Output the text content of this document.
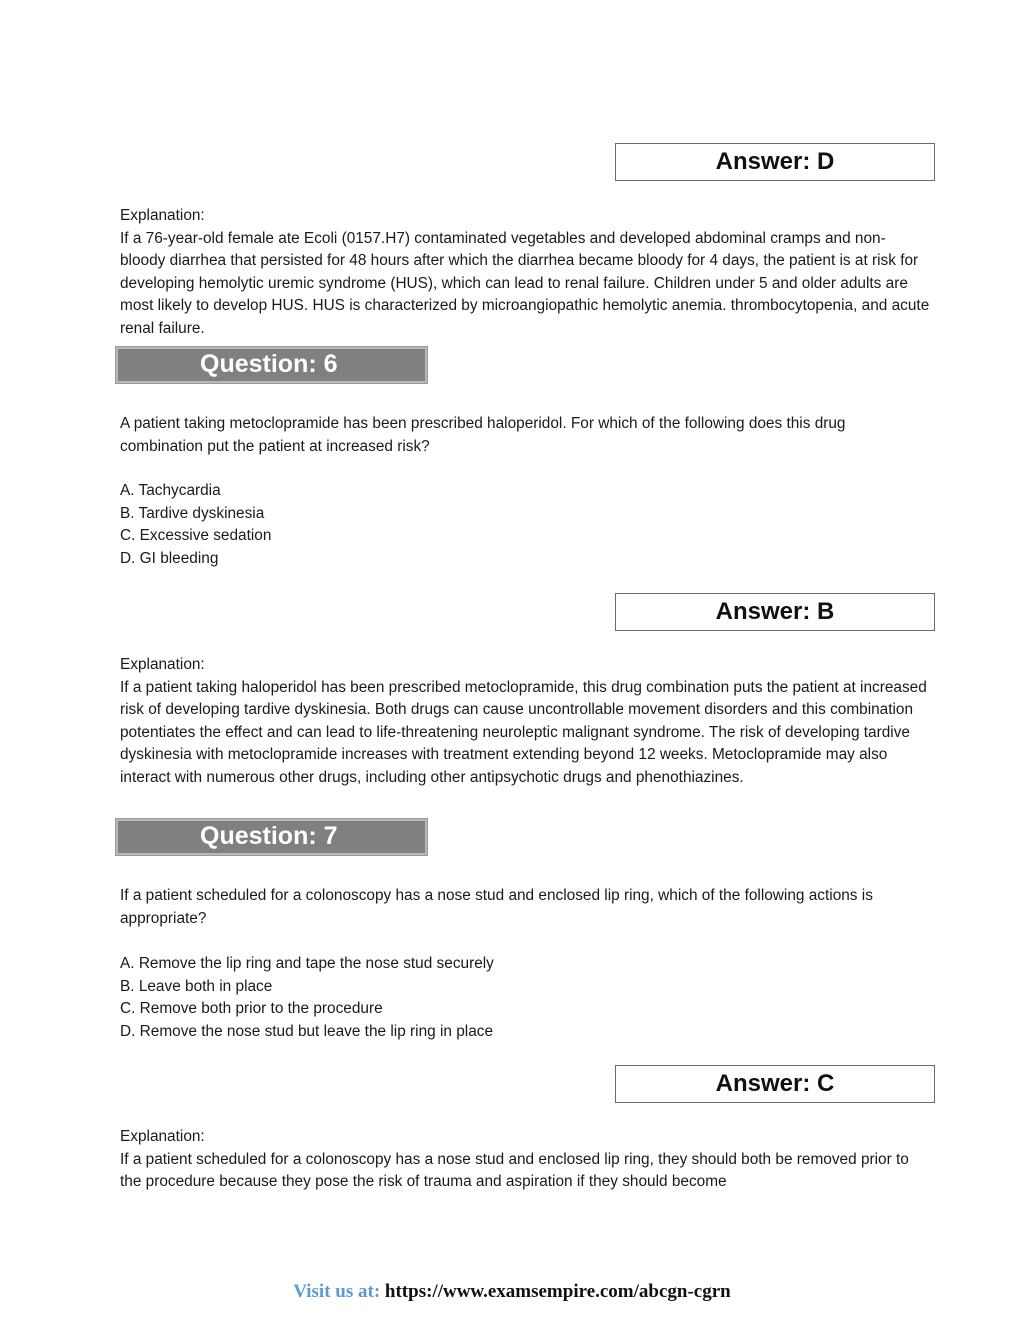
Answer: D
Explanation:
If a 76-year-old female ate Ecoli (0157.H7) contaminated vegetables and developed abdominal cramps and non-bloody diarrhea that persisted for 48 hours after which the diarrhea became bloody for 4 days, the patient is at risk for developing hemolytic uremic syndrome (HUS), which can lead to renal failure. Children under 5 and older adults are most likely to develop HUS. HUS is characterized by microangiopathic hemolytic anemia. thrombocytopenia, and acute renal failure.
Question: 6
A patient taking metoclopramide has been prescribed haloperidol. For which of the following does this drug combination put the patient at increased risk?
A. Tachycardia
B. Tardive dyskinesia
C. Excessive sedation
D. GI bleeding
Answer: B
Explanation:
If a patient taking haloperidol has been prescribed metoclopramide, this drug combination puts the patient at increased risk of developing tardive dyskinesia. Both drugs can cause uncontrollable movement disorders and this combination potentiates the effect and can lead to life-threatening neuroleptic malignant syndrome. The risk of developing tardive dyskinesia with metoclopramide increases with treatment extending beyond 12 weeks. Metoclopramide may also interact with numerous other drugs, including other antipsychotic drugs and phenothiazines.
Question: 7
If a patient scheduled for a colonoscopy has a nose stud and enclosed lip ring, which of the following actions is appropriate?
A. Remove the lip ring and tape the nose stud securely
B. Leave both in place
C. Remove both prior to the procedure
D. Remove the nose stud but leave the lip ring in place
Answer: C
Explanation:
If a patient scheduled for a colonoscopy has a nose stud and enclosed lip ring, they should both be removed prior to the procedure because they pose the risk of trauma and aspiration if they should become
Visit us at: https://www.examsempire.com/abcgn-cgrn
